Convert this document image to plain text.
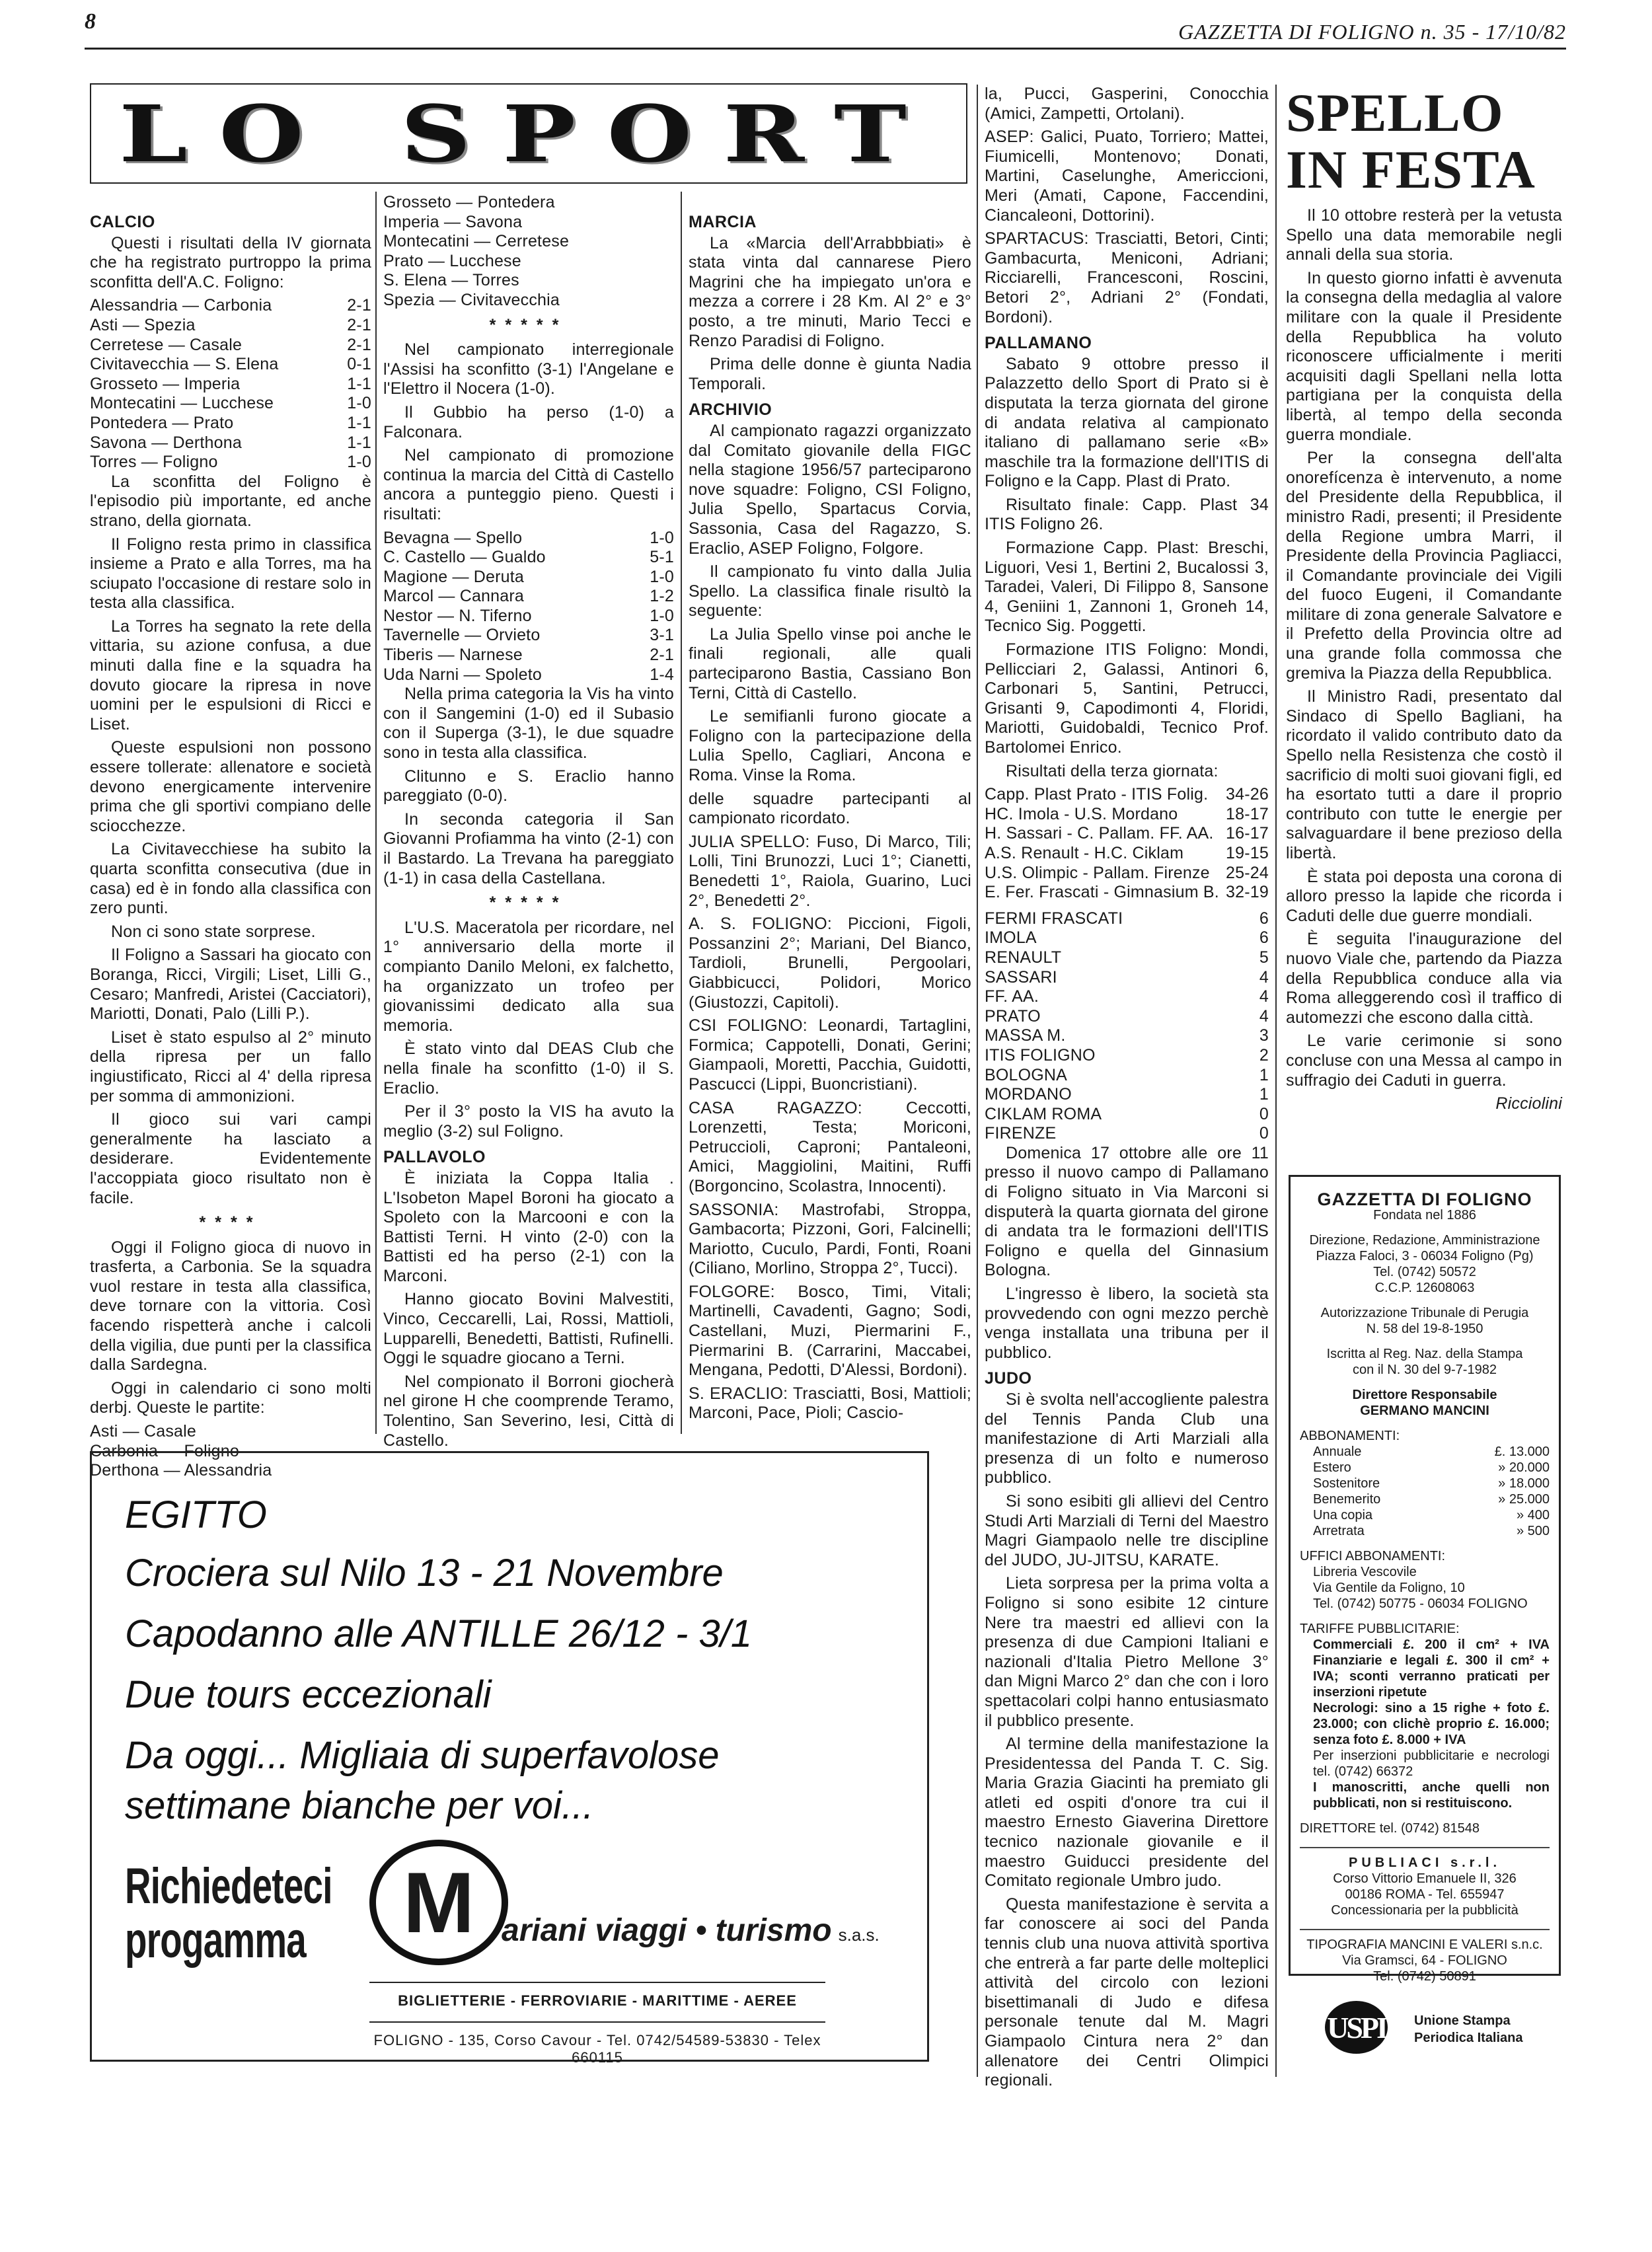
8	GAZZETTA DI FOLIGNO n. 35 - 17/10/82
LO SPORT

CALCIO

Questi i risultati della IV giornata che ha registrato purtroppo la prima sconfitta dell'A.C. Foligno:

Alessandria — Carbonia	2-1
Asti — Spezia	2-1
Cerretese — Casale	2-1
Civitavecchia — S. Elena	0-1
Grosseto — Imperia	1-1
Montecatini — Lucchese	1-0
Pontedera — Prato	1-1
Savona — Derthona	1-1
Torres — Foligno	1-0

La sconfitta del Foligno è l'episodio più importante, ed anche strano, della giornata.

Il Foligno resta primo in classifica insieme a Prato e alla Torres, ma ha sciupato l'occasione di restare solo in testa alla classifica.

La Torres ha segnato la rete della vittaria, su azione confusa, a due minuti dalla fine e la squadra ha dovuto giocare la ripresa in nove uomini per le espulsioni di Ricci e Liset.

Queste espulsioni non possono essere tollerate: allenatore e società devono energicamente intervenire prima che gli sportivi compiano delle sciocchezze.

La Civitavecchiese ha subito la quarta sconfitta consecutiva (due in casa) ed è in fondo alla classifica con zero punti.

Non ci sono state sorprese.

Il Foligno a Sassari ha giocato con Boranga, Ricci, Virgili; Liset, Lilli G., Cesaro; Manfredi, Aristei (Cacciatori), Mariotti, Donati, Palo (Lilli P.).

Liset è stato espulso al 2° minuto della ripresa per un fallo ingiustificato, Ricci al 4' della ripresa per somma di ammonizioni.

Il gioco sui vari campi generalmente ha lasciato a desiderare. Evidentemente l'accoppiata gioco risultato non è facile.

****

Oggi il Foligno gioca di nuovo in trasferta, a Carbonia. Se la squadra vuol restare in testa alla classifica, deve tornare con la vittoria. Così facendo rispetterà anche i calcoli della vigilia, due punti per la classifica dalla Sardegna.

Oggi in calendario ci sono molti derbj. Queste le partite:

Asti — Casale

Carbonia — Foligno

Derthona — Alessandria

Grosseto — Pontedera

Imperia — Savona

Montecatini — Cerretese

Prato — Lucchese

S. Elena — Torres

Spezia — Civitavecchia

*****

Nel campionato interregionale l'Assisi ha sconfitto (3-1) l'Angelane e l'Elettro il Nocera (1-0).

Il Gubbio ha perso (1-0) a Falconara.

Nel campionato di promozione continua la marcia del Città di Castello ancora a punteggio pieno. Questi i risultati:

Bevagna — Spello	1-0
C. Castello — Gualdo	5-1
Magione — Deruta	1-0
Marcol — Cannara	1-2
Nestor — N. Tiferno	1-0
Tavernelle — Orvieto	3-1
Tiberis — Narnese	2-1
Uda Narni — Spoleto	1-4

Nella prima categoria la Vis ha vinto con il Sangemini (1-0) ed il Subasio con il Superga (3-1), le due squadre sono in testa alla classifica.

Clitunno e S. Eraclio hanno pareggiato (0-0).

In seconda categoria il San Giovanni Profiamma ha vinto (2-1) con il Bastardo. La Trevana ha pareggiato (1-1) in casa della Castellana.

*****

L'U.S. Maceratola per ricordare, nel 1° anniversario della morte il compianto Danilo Meloni, ex falchetto, ha organizzato un trofeo per giovanissimi dedicato alla sua memoria.

È stato vinto dal DEAS Club che nella finale ha sconfitto (1-0) il S. Eraclio.

Per il 3° posto la VIS ha avuto la meglio (3-2) sul Foligno.

PALLAVOLO

È iniziata la Coppa Italia . L'Isobeton Mapel Boroni ha giocato a Spoleto con la Marcooni e con la Battisti Terni. H vinto (2-0) con la Battisti ed ha perso (2-1) con la Marconi.

Hanno giocato Bovini Malvestiti, Vinco, Ceccarelli, Lai, Rossi, Mattioli, Lupparelli, Benedetti, Battisti, Rufinelli. Oggi le squadre giocano a Terni.

Nel compionato il Borroni giocherà nel girone H che coomprende Teramo, Tolentino, San Severino, Iesi, Città di Castello.

MARCIA

La «Marcia dell'Arrabbbiati» è stata vinta dal cannarese Piero Magrini che ha impiegato un'ora e mezza a correre i 28 Km. Al 2° e 3° posto, a tre minuti, Mario Tecci e Renzo Paradisi di Foligno.

Prima delle donne è giunta Nadia Temporali.

ARCHIVIO

Al campionato ragazzi organizzato dal Comitato giovanile della FIGC nella stagione 1956/57 parteciparono nove squadre: Foligno, CSI Foligno, Julia Spello, Spartacus Corvia, Sassonia, Casa del Ragazzo, S. Eraclio, ASEP Foligno, Folgore.

Il campionato fu vinto dalla Julia Spello. La classifica finale risultò la seguente:

La Julia Spello vinse poi anche le finali regionali, alle quali parteciparono Bastia, Cassiano Bon Terni, Città di Castello.

Le semifianli furono giocate a Foligno con la partecipazione della Lulia Spello, Cagliari, Ancona e Roma. Vinse la Roma.

delle squadre partecipanti al campionato ricordato.

JULIA SPELLO: Fuso, Di Marco, Tili; Lolli, Tini Brunozzi, Luci 1°; Cianetti, Benedetti 1°, Raiola, Guarino, Luci 2°, Benedetti 2°.

A. S. FOLIGNO: Piccioni, Figoli, Possanzini 2°; Mariani, Del Bianco, Tardioli, Brunelli, Pergoolari, Giabbicucci, Polidori, Morico (Giustozzi, Capitoli).

CSI FOLIGNO: Leonardi, Tartaglini, Formica; Cappotelli, Donati, Gerini; Giampaoli, Moretti, Pacchia, Guidotti, Pascucci (Lippi, Buoncristiani).

CASA RAGAZZO: Ceccotti, Lorenzetti, Testa; Moriconi, Petruccioli, Caproni; Pantaleoni, Amici, Maggiolini, Maitini, Ruffi (Borgoncino, Scolastra, Innocenti).

SASSONIA: Mastrofabi, Stroppa, Gambacorta; Pizzoni, Gori, Falcinelli; Mariotto, Cuculo, Pardi, Fonti, Roani (Ciliano, Morlino, Stroppa 2°, Tucci).

FOLGORE: Bosco, Timi, Vitali; Martinelli, Cavadenti, Gagno; Sodi, Castellani, Muzi, Piermarini F., Piermarini B. (Carrarini, Maccabei, Mengana, Pedotti, D'Alessi, Bordoni).

S. ERACLIO: Trasciatti, Bosi, Mattioli; Marconi, Pace, Pioli; Cascio-

la, Pucci, Gasperini, Conocchia (Amici, Zampetti, Ortolani).

ASEP: Galici, Puato, Torriero; Mattei, Fiumicelli, Montenovo; Donati, Martini, Caselunghe, Americcioni, Meri (Amati, Capone, Faccendini, Ciancaleoni, Dottorini).

SPARTACUS: Trasciatti, Betori, Cinti; Gambacurta, Meniconi, Adriani; Ricciarelli, Francesconi, Roscini, Betori 2°, Adriani 2° (Fondati, Bordoni).

PALLAMANO

Sabato 9 ottobre presso il Palazzetto dello Sport di Prato si è disputata la terza giornata del girone di andata relativa al campionato italiano di pallamano serie «B» maschile tra la formazione dell'ITIS di Foligno e la Capp. Plast di Prato.

Risultato finale: Capp. Plast 34 ITIS Foligno 26.

Formazione Capp. Plast: Breschi, Liguori, Vesi 1, Bertini 2, Bucalossi 3, Taradei, Valeri, Di Filippo 8, Sansone 4, Geniini 1, Zannoni 1, Groneh 14, Tecnico Sig. Poggetti.

Formazione ITIS Foligno: Mondi, Pellicciari 2, Galassi, Antinori 6, Carbonari 5, Santini, Petrucci, Grisanti 9, Capodimonti 4, Floridi, Mariotti, Guidobaldi, Tecnico Prof. Bartolomei Enrico.

Risultati della terza giornata:

Capp. Plast Prato - ITIS Folig. 34-26
HC. Imola - U.S. Mordano	18-17
H. Sassari - C. Pallam. FF. AA. 16-17
A.S. Renault - H.C. Ciklam	19-15
U.S. Olimpic - Pallam. Firenze 25-24
E. Fer. Frascati - Gimnasium B. 32-19
FERMI FRASCATI	6
IMOLA	6
RENAULT	5
SASSARI	4
FF. AA.	4
PRATO	4
MASSA M.	3
ITIS FOLIGNO	2
BOLOGNA	1
MORDANO	1
CIKLAM ROMA	0
FIRENZE	0

Domenica 17 ottobre alle ore 11 presso il nuovo campo di Pallamano di Foligno situato in Via Marconi si disputerà la quarta giornata del girone di andata tra le formazioni dell'ITIS Foligno e quella del Ginnasium Bologna.

L'ingresso è libero, la società sta provvedendo con ogni mezzo perchè venga installata una tribuna per il pubblico.

JUDO

Si è svolta nell'accogliente palestra del Tennis Panda Club una manifestazione di Arti Marziali alla presenza di un folto e numeroso pubblico.

Si sono esibiti gli allievi del Centro Studi Arti Marziali di Terni del Maestro Magri Giampaolo nelle tre discipline del JUDO, JU-JITSU, KARATE.

Lieta sorpresa per la prima volta a Foligno si sono esibite 12 cinture Nere tra maestri ed allievi con la presenza di due Campioni Italiani e nazionali d'Italia Pietro Mellone 3° dan Migni Marco 2° dan che con i loro spettacolari colpi hanno entusiasmato il pubblico presente.

Al termine della manifestazione la Presidentessa del Panda T. C. Sig. Maria Grazia Giacinti ha premiato gli atleti ed ospiti d'onore tra cui il maestro Ernesto Giaverina Direttore tecnico nazionale giovanile e il maestro Guiducci presidente del Comitato regionale Umbro judo.

Questa manifestazione è servita a far conoscere ai soci del Panda tennis club una nuova attività sportiva che entrerà a far parte delle molteplici attività del circolo con lezioni bisettimanali di Judo e difesa personale tenute dal M. Magri Giampaolo Cintura nera 2° dan allenatore dei Centri Olimpici regionali.

SPELLO IN FESTA

Il 10 ottobre resterà per la vetusta Spello una data memorabile negli annali della sua storia.

In questo giorno infatti è avvenuta la consegna della medaglia al valore militare con la quale il Presidente della Repubblica ha voluto riconoscere ufficialmente i meriti acquisiti dagli Spellani nella lotta partigiana per la conquista della libertà, al tempo della seconda guerra mondiale.

Per la consegna dell'alta onorefícenza è intervenuto, a nome del Presidente della Repubblica, il ministro Radi, presenti; il Presidente della Regione umbra Marri, il Presidente della Provincia Pagliacci, il Comandante provinciale dei Vigili del fuoco Eugeni, il Comandante militare di zona generale Salvatore e il Prefetto della Provincia oltre ad una grande folla commossa che gremiva la Piazza della Repubblica.

Il Ministro Radi, presentato dal Sindaco di Spello Bagliani, ha ricordato il valido contributo dato da Spello nella Resistenza che costò il sacrificio di molti suoi giovani figli, ed ha esortato tutti a dare il proprio contributo con tutte le energie per salvaguardare il bene prezioso della libertà.

È stata poi deposta una corona di alloro presso la lapide che ricorda i Caduti delle due guerre mondiali.

È seguita l'inaugurazione del nuovo Viale che, partendo da Piazza della Repubblica conduce alla via Roma alleggerendo così il traffico di automezzi che escono dalla città.

Le varie cerimonie si sono concluse con una Messa al campo in suffragio dei Caduti in guerra.

Ricciolini

GAZZETTA DI FOLIGNO
Fondata nel 1886
Direzione, Redazione, Amministrazione
Piazza Faloci, 3 - 06034 Foligno (Pg)
Tel. (0742) 50572
C.C.P. 12608063
Autorizzazione Tribunale di Perugia
N. 58 del 19-8-1950
Iscritta al Reg. Naz. della Stampa
con il N. 30 del 9-7-1982
Direttore Responsabile
GERMANO MANCINI
ABBONAMENTI:
Annuale	£. 13.000
Estero	» 20.000
Sostenitore	» 18.000
Benemerito	» 25.000
Una copia	» 400
Arretrata	» 500
UFFICI ABBONAMENTI:
Libreria Vescovile
Via Gentile da Foligno, 10
Tel. (0742) 50775 - 06034 FOLIGNO
TARIFFE PUBBLICITARIE:
Commerciali £. 200 il cm² + IVA Finanziarie e legali £. 300 il cm² + IVA; sconti verranno praticati per inserzioni ripetute
Necrologi: sino a 15 righe + foto £. 23.000; con clichè proprio £. 16.000; senza foto £. 8.000 + IVA
Per inserzioni pubblicitarie e necrologi tel. (0742) 66372
I manoscritti, anche quelli non pubblicati, non si restituiscono.
DIRETTORE tel. (0742) 81548
PUBLIACI s.r.l.
Corso Vittorio Emanuele II, 326
00186 ROMA - Tel. 655947
Concessionaria per la pubblicità
TIPOGRAFIA MANCINI E VALERI s.n.c.
Via Gramsci, 64 - FOLIGNO
Tel. (0742) 50891
USPI Unione Stampa
Periodica Italiana
EGITTO
Crociera sul Nilo 13 - 21 Novembre
Capodanno alle ANTILLE 26/12 - 3/1
Due tours eccezionali
Da oggi... Migliaia di superfavolose
settimane bianche per voi...
Richiedeteci
progamma	M ariani viaggi • turismo s.a.s.
BIGLIETTERIE - FERROVIARIE - MARITTIME - AEREE
FOLIGNO - 135, Corso Cavour - Tel. 0742/54589-53830 - Telex 660115
